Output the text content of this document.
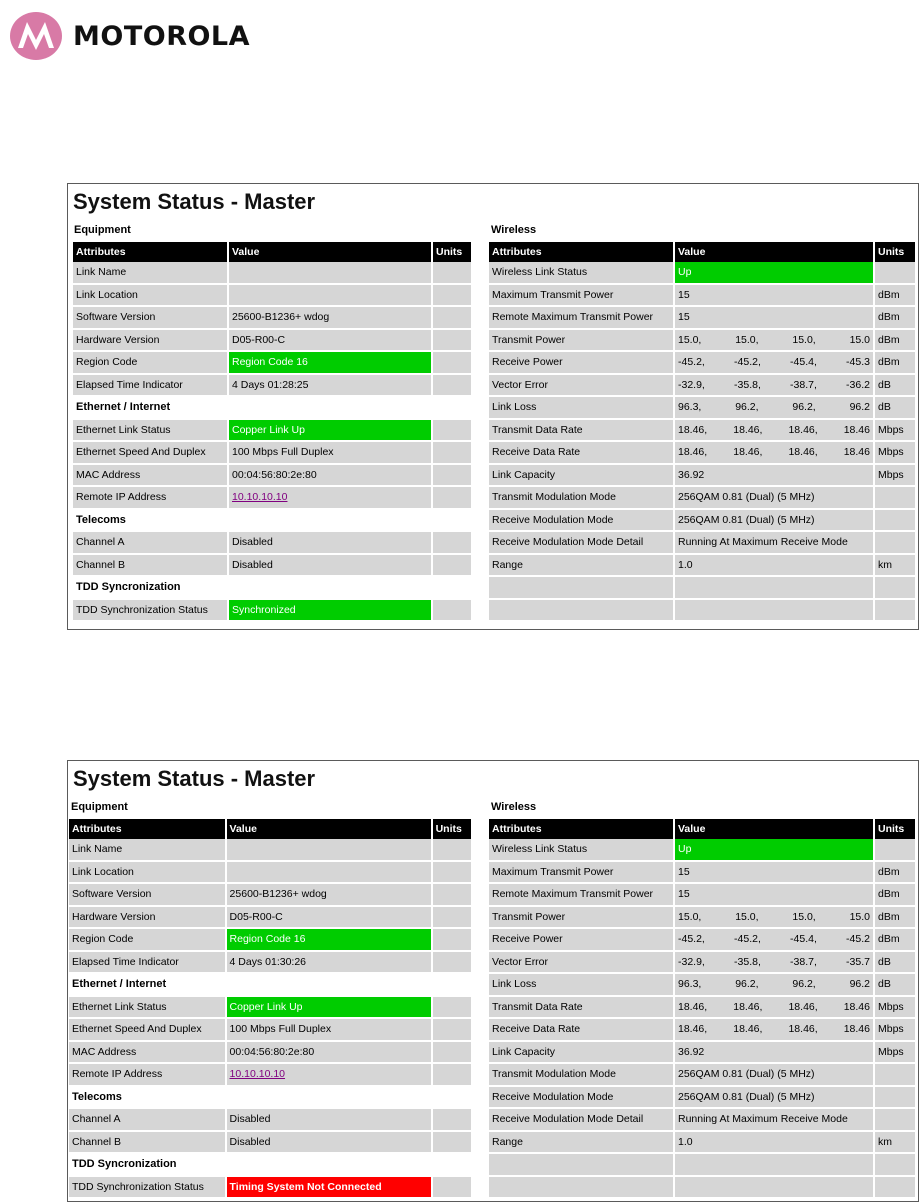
MOTOROLA
System Status - Master
Equipment	Wireless
Attributes	Value	Units
Link Name		
Link Location		
Software Version	25600-B1236+ wdog	
Hardware Version	D05-R00-C	
Region Code	Region Code 16	
Elapsed Time Indicator	4 Days 01:28:25	
Ethernet / Internet		
Ethernet Link Status	Copper Link Up	
Ethernet Speed And Duplex	100 Mbps Full Duplex	
MAC Address	00:04:56:80:2e:80	
Remote IP Address	10.10.10.10	
Telecoms		
Channel A	Disabled	
Channel B	Disabled	
TDD Syncronization		
TDD Synchronization Status	Synchronized	
Attributes	Value	Units
Wireless Link Status	Up	
Maximum Transmit Power	15	dBm
Remote Maximum Transmit Power	15	dBm
Transmit Power	15.0, 15.0, 15.0, 15.0	dBm
Receive Power	-45.2, -45.2, -45.4, -45.3	dBm
Vector Error	-32.9, -35.8, -38.7, -36.2	dB
Link Loss	96.3, 96.2, 96.2, 96.2	dB
Transmit Data Rate	18.46, 18.46, 18.46, 18.46	Mbps
Receive Data Rate	18.46, 18.46, 18.46, 18.46	Mbps
Link Capacity	36.92	Mbps
Transmit Modulation Mode	256QAM 0.81 (Dual) (5 MHz)	
Receive Modulation Mode	256QAM 0.81 (Dual) (5 MHz)	
Receive Modulation Mode Detail	Running At Maximum Receive Mode	
Range	1.0	km

System Status - Master
Equipment	Wireless
Attributes	Value	Units
Link Name		
Link Location		
Software Version	25600-B1236+ wdog	
Hardware Version	D05-R00-C	
Region Code	Region Code 16	
Elapsed Time Indicator	4 Days 01:30:26	
Ethernet / Internet		
Ethernet Link Status	Copper Link Up	
Ethernet Speed And Duplex	100 Mbps Full Duplex	
MAC Address	00:04:56:80:2e:80	
Remote IP Address	10.10.10.10	
Telecoms		
Channel A	Disabled	
Channel B	Disabled	
TDD Syncronization		
TDD Synchronization Status	Timing System Not Connected	
Attributes	Value	Units
Wireless Link Status	Up	
Maximum Transmit Power	15	dBm
Remote Maximum Transmit Power	15	dBm
Transmit Power	15.0, 15.0, 15.0, 15.0	dBm
Receive Power	-45.2, -45.2, -45.4, -45.2	dBm
Vector Error	-32.9, -35.8, -38.7, -35.7	dB
Link Loss	96.3, 96.2, 96.2, 96.2	dB
Transmit Data Rate	18.46, 18.46, 18.46, 18.46	Mbps
Receive Data Rate	18.46, 18.46, 18.46, 18.46	Mbps
Link Capacity	36.92	Mbps
Transmit Modulation Mode	256QAM 0.81 (Dual) (5 MHz)	
Receive Modulation Mode	256QAM 0.81 (Dual) (5 MHz)	
Receive Modulation Mode Detail	Running At Maximum Receive Mode	
Range	1.0	km
